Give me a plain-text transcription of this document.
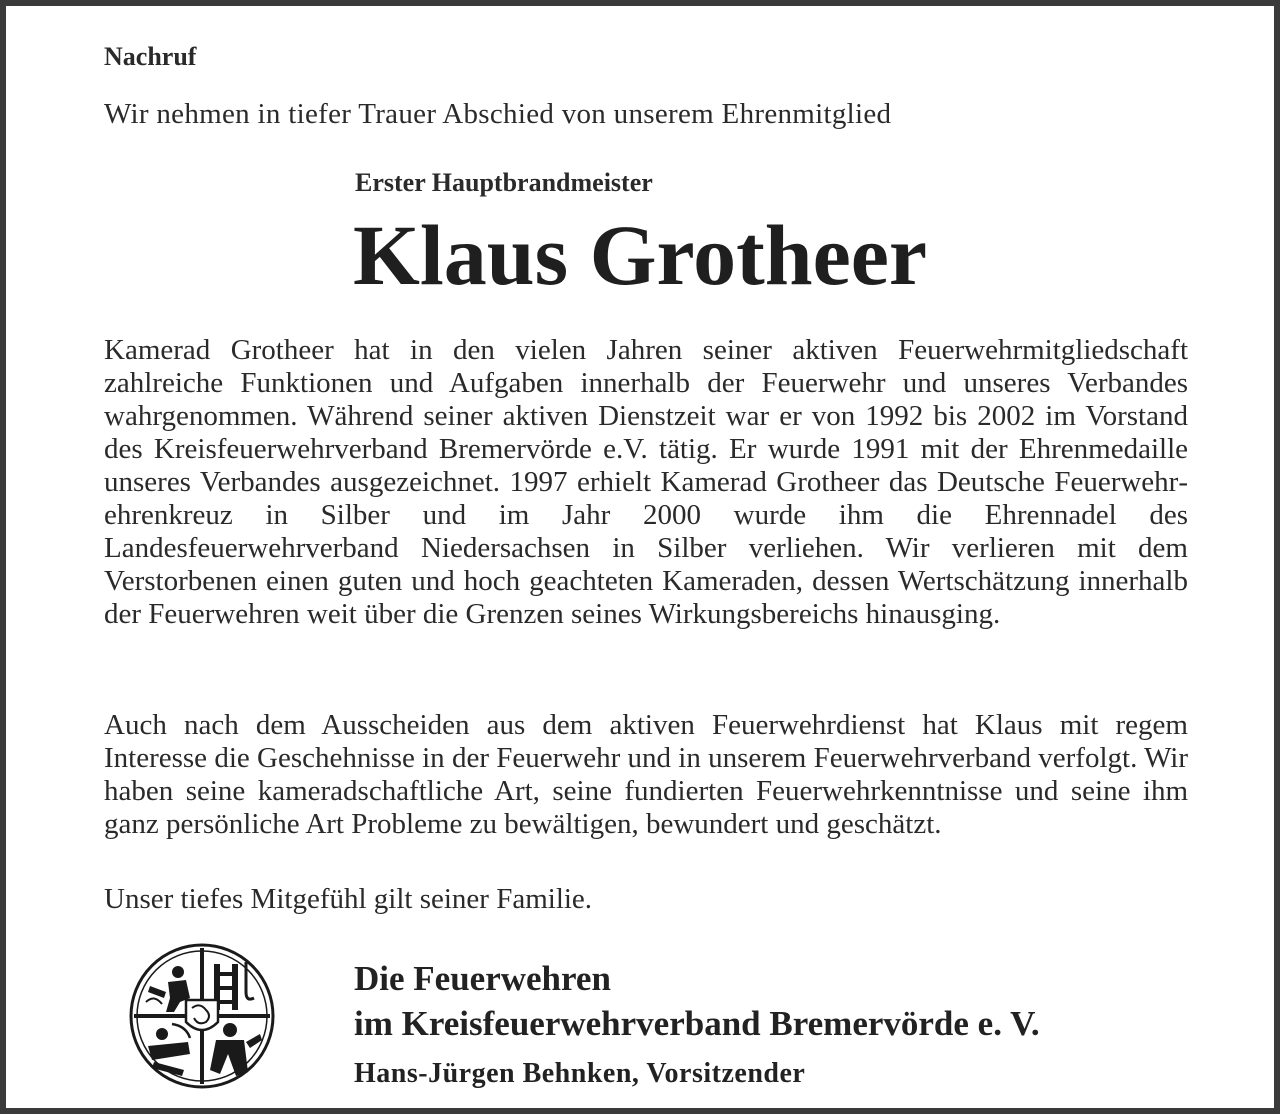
Nachruf
Wir nehmen in tiefer Trauer Abschied von unserem Ehrenmitglied
Erster Hauptbrandmeister
Klaus Grotheer

Kamerad Grotheer hat in den vielen Jahren seiner aktiven Feuerwehrmitgliedschaft zahlreiche Funktionen und Aufgaben innerhalb der Feuerwehr und unseres Verbandes wahrgenommen. Während seiner aktiven Dienstzeit war er von 1992 bis 2002 im Vorstand des Kreisfeuerwehrverband Bremervörde e.V. tätig. Er wurde 1991 mit der Ehrenmedaille unseres Verbandes ausgezeichnet. 1997 erhielt Kamerad Grotheer das Deutsche Feuerwehrehrenkreuz in Silber und im Jahr 2000 wurde ihm die Ehrennadel des Landesfeuerwehrverband Niedersachsen in Silber verliehen. Wir verlieren mit dem Verstorbenen einen guten und hoch geachteten Kameraden, dessen Wertschätzung innerhalb der Feuerwehren weit über die Grenzen seines Wirkungsbereichs hinausging.

Auch nach dem Ausscheiden aus dem aktiven Feuerwehrdienst hat Klaus mit regem Interesse die Geschehnisse in der Feuerwehr und in unserem Feuerwehrverband verfolgt. Wir haben seine kameradschaftliche Art, seine fundierten Feuerwehrkenntnisse und seine ihm ganz persönliche Art Probleme zu bewältigen, bewundert und geschätzt.

Unser tiefes Mitgefühl gilt seiner Familie.

Die Feuerwehren
im Kreisfeuerwehrverband Bremervörde e. V.
Hans-Jürgen Behnken, Vorsitzender
